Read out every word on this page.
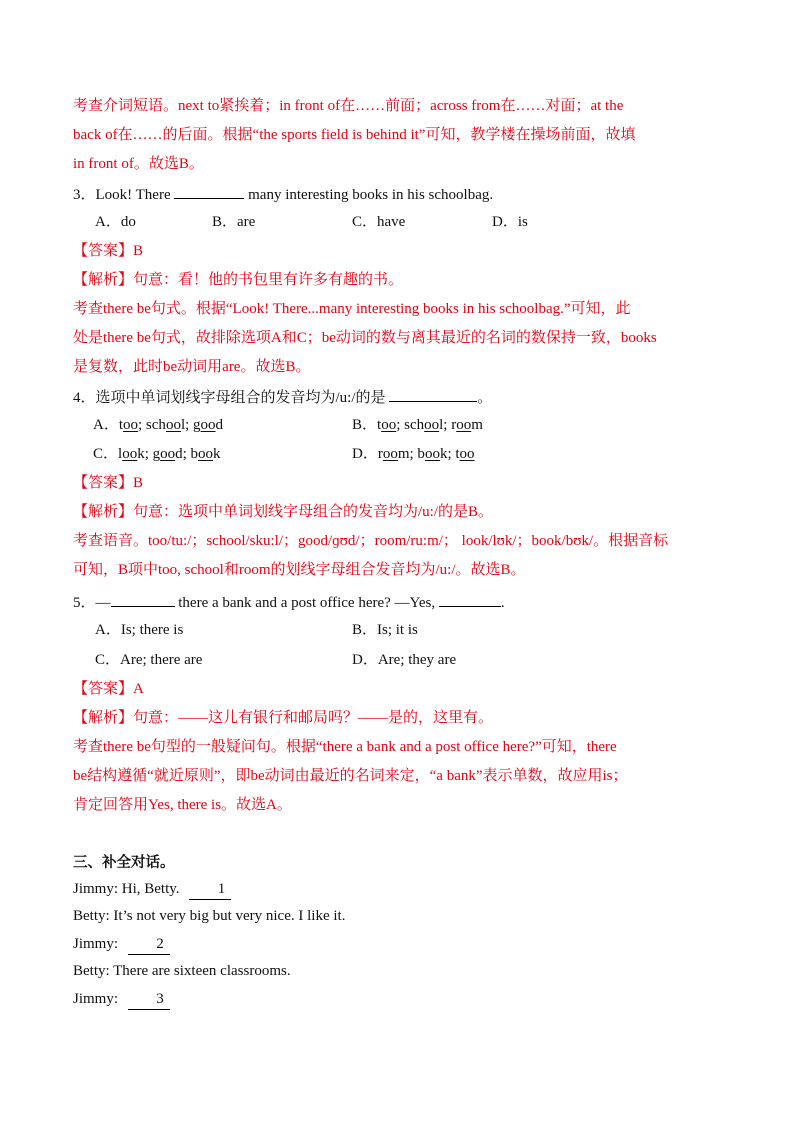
考查介词短语。next to紧挨着；in front of在……前面；across from在……对面；at the
back of在……的后面。根据“the sports field is behind it”可知，教学楼在操场前面，故填
in front of。故选B。
3．Look! There	many interesting books in his schoolbag.
A．do	B．are	C．have	D．is
【答案】B
【解析】句意：看！他的书包里有许多有趣的书。
考查there be句式。根据“Look! There...many interesting books in his schoolbag.”可知，此
处是there be句式，故排除选项A和C；be动词的数与离其最近的名词的数保持一致，books
是复数，此时be动词用are。故选B。
4．选项中单词划线字母组合的发音均为/u:/的是	。
A．too; school; good	B．too; school; room
C．look; good; book	D．room; book; too
【答案】B
【解析】句意：选项中单词划线字母组合的发音均为/u:/的是B。
考查语音。too/tu:/；school/sku:l/；good/ɡʊd/；room/ru:m/； look/lʊk/；book/bʊk/。根据音标
可知，B项中too, school和room的划线字母组合发音均为/u:/。故选B。
5．—	there a bank and a post office here? —Yes,	.
A．Is; there is	B．Is; it is
C．Are; there are	D．Are; they are
【答案】A
【解析】句意：——这儿有银行和邮局吗？——是的，这里有。
考查there be句型的一般疑问句。根据“there a bank and a post office here?”可知，there
be结构遵循“就近原则”，即be动词由最近的名词来定，“a bank”表示单数，故应用is；
肯定回答用Yes, there is。故选A。
三、补全对话。
Jimmy: Hi, Betty. 1
Betty: It’s not very big but very nice. I like it.
Jimmy: 2
Betty: There are sixteen classrooms.
Jimmy: 3
